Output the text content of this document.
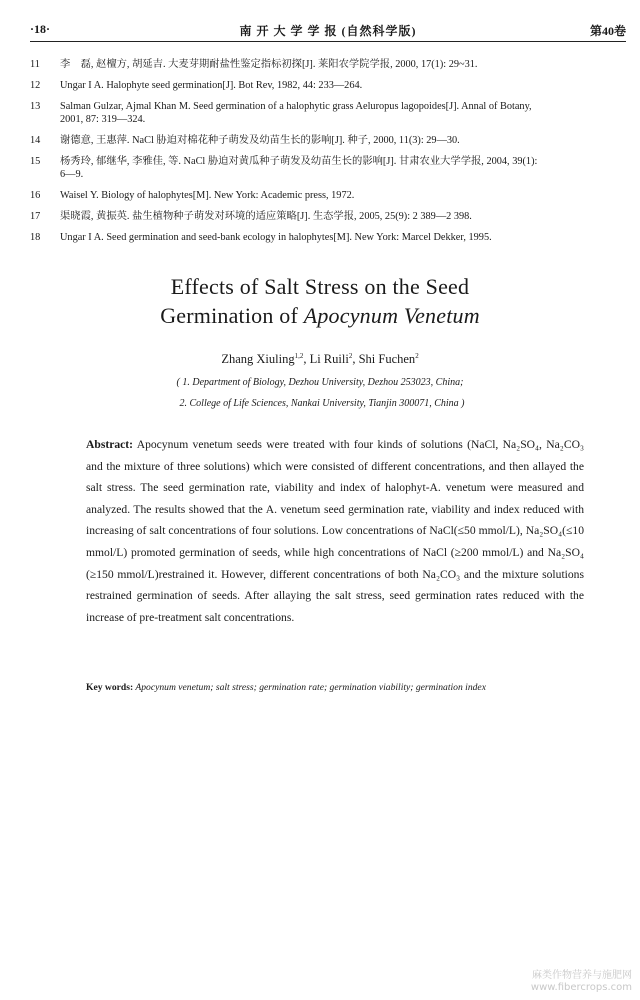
·18·	南 开 大 学 学 报 (自然科学版)	第40卷
11	李　磊, 赵檀方, 胡延吉. 大麦芽期耐盐性鉴定指标初探[J]. 莱阳农学院学报, 2000, 17(1): 29~31.
12	Ungar I A. Halophyte seed germination[J]. Bot Rev, 1982, 44: 233—264.
13	Salman Gulzar, Ajmal Khan M. Seed germination of a halophytic grass Aeluropus lagopoides[J]. Annal of Botany,
2001, 87: 319—324.
14	谢德意, 王惠萍. NaCl 胁迫对棉花种子萌发及幼苗生长的影响[J]. 种子, 2000, 11(3): 29—30.
15	杨秀玲, 郁继华, 李雅佳, 等. NaCl 胁迫对黄瓜种子萌发及幼苗生长的影响[J]. 甘肃农业大学学报, 2004, 39(1):
6—9.
16	Waisel Y. Biology of halophytes[M]. New York: Academic press, 1972.
17	渠晓霞, 黄振英. 盐生植物种子萌发对环境的适应策略[J]. 生态学报, 2005, 25(9): 2 389—2 398.
18	Ungar I A. Seed germination and seed-bank ecology in halophytes[M]. New York: Marcel Dekker, 1995.
Effects of Salt Stress on the Seed
Germination of Apocynum Venetum
Zhang Xiuling$^{1,2}$, Li Ruili$^2$, Shi Fuchen$^2$
( 1. Department of Biology, Dezhou University, Dezhou 253023, China;
2. College of Life Sciences, Nankai University, Tianjin 300071, China )
Abstract: Apocynum venetum seeds were treated with four kinds of solutions (NaCl, Na₂SO₄, Na₂CO₃ and the mixture of three solutions) which were consisted of different concentrations, and then allayed the salt stress. The seed germination rate, viability and index of halophyt-A. venetum were measured and analyzed. The results showed that the A. venetum seed germination rate, viability and index reduced with increasing of salt concentrations of four solutions. Low concentrations of NaCl(≤50 mmol/L), Na₂SO₄(≤10 mmol/L) promoted germination of seeds, while high concentrations of NaCl (≥200 mmol/L) and Na₂SO₄ (≥150 mmol/L)restrained it. However, different concentrations of both Na₂CO₃ and the mixture solutions restrained germination of seeds. After allaying the salt stress, seed germination rates reduced with the increase of pre-treatment salt concentrations.
Key words: Apocynum venetum; salt stress; germination rate; germination viability; germination index
麻类作物营养与施肥网
www.fibercrops.com
